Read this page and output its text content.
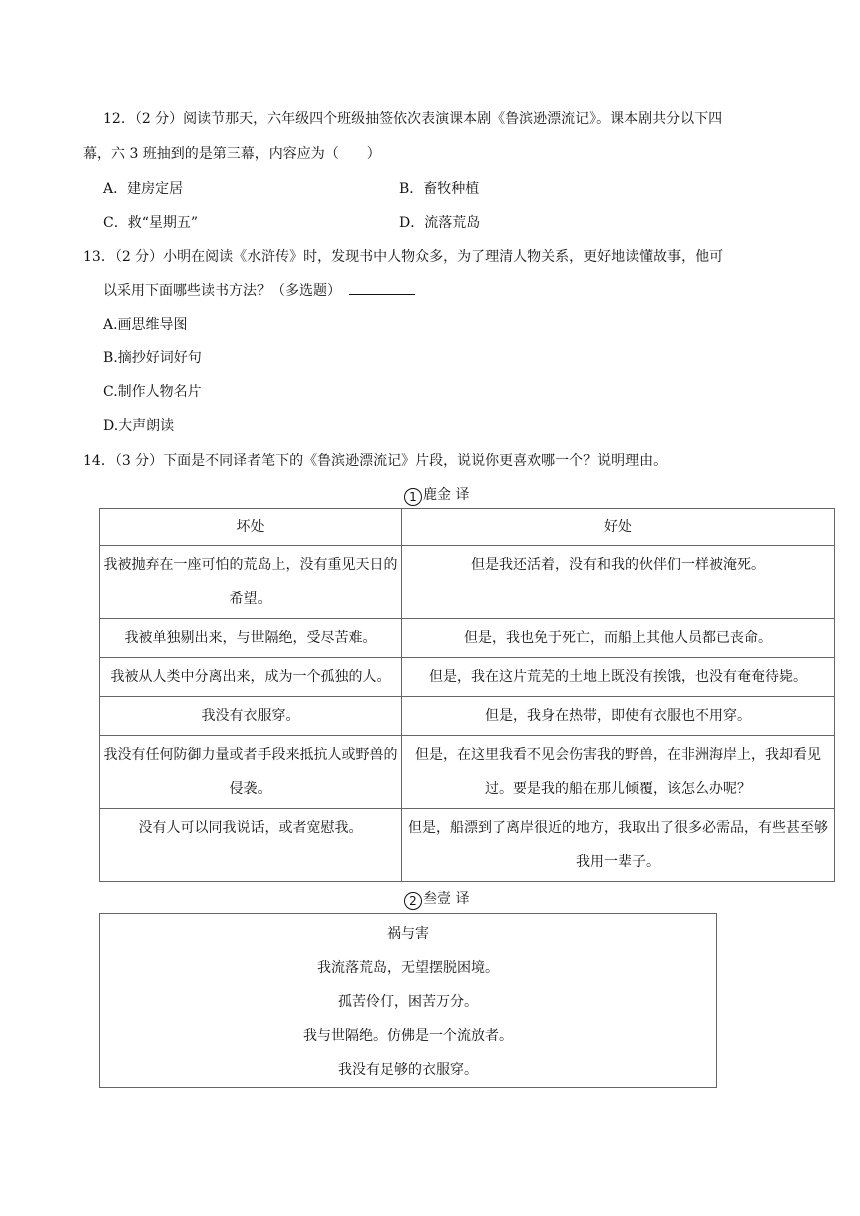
12．（2 分）阅读节那天，六年级四个班级抽签依次表演课本剧《鲁滨逊漂流记》。课本剧共分以下四
幕，六 3 班抽到的是第三幕，内容应为（　　）
A．建房定居	B．畜牧种植
C．救“星期五”	D．流落荒岛
13．（2 分）小明在阅读《水浒传》时，发现书中人物众多，为了理清人物关系，更好地读懂故事，他可
以采用下面哪些读书方法？（多选题）
A.画思维导图
B.摘抄好词好句
C.制作人物名片
D.大声朗读
14．（3 分）下面是不同译者笔下的《鲁滨逊漂流记》片段，说说你更喜欢哪一个？说明理由。
1 鹿金 译
坏处	好处
我被抛弃在一座可怕的荒岛上，没有重见天日的希望。	但是我还活着，没有和我的伙伴们一样被淹死。
我被单独剔出来，与世隔绝，受尽苦难。	但是，我也免于死亡，而船上其他人员都已丧命。
我被从人类中分离出来，成为一个孤独的人。	但是，我在这片荒芜的土地上既没有挨饿，也没有奄奄待毙。
我没有衣服穿。	但是，我身在热带，即使有衣服也不用穿。
我没有任何防御力量或者手段来抵抗人或野兽的侵袭。	但是，在这里我看不见会伤害我的野兽，在非洲海岸上，我却看见过。要是我的船在那儿倾覆，该怎么办呢？
没有人可以同我说话，或者宽慰我。	但是，船漂到了离岸很近的地方，我取出了很多必需品，有些甚至够我用一辈子。
2 叁壹 译
祸与害
我流落荒岛，无望摆脱困境。
孤苦伶仃，困苦万分。
我与世隔绝。仿佛是一个流放者。
我没有足够的衣服穿。
